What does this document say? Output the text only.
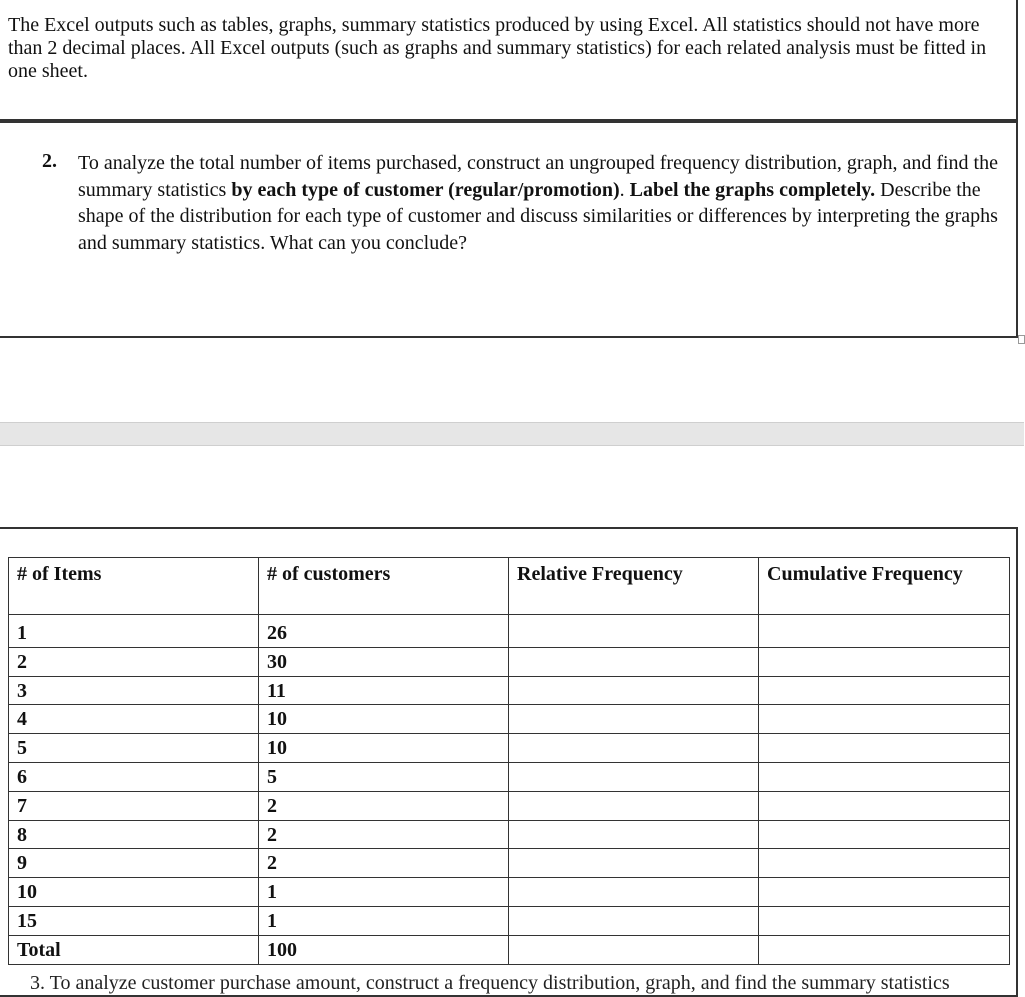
The Excel outputs such as tables, graphs, summary statistics produced by using Excel. All statistics should not have more than 2 decimal places. All Excel outputs (such as graphs and summary statistics) for each related analysis must be fitted in one sheet.

2. To analyze the total number of items purchased, construct an ungrouped frequency distribution, graph, and find the summary statistics by each type of customer (regular/promotion). Label the graphs completely. Describe the shape of the distribution for each type of customer and discuss similarities or differences by interpreting the graphs and summary statistics. What can you conclude?

# of Items	# of customers	Relative Frequency	Cumulative Frequency
1	26		
2	30		
3	11		
4	10		
5	10		
6	5		
7	2		
8	2		
9	2		
10	1		
15	1		
Total	100		
3. To analyze customer purchase amount, construct a frequency distribution, graph, and find the summary statistics
